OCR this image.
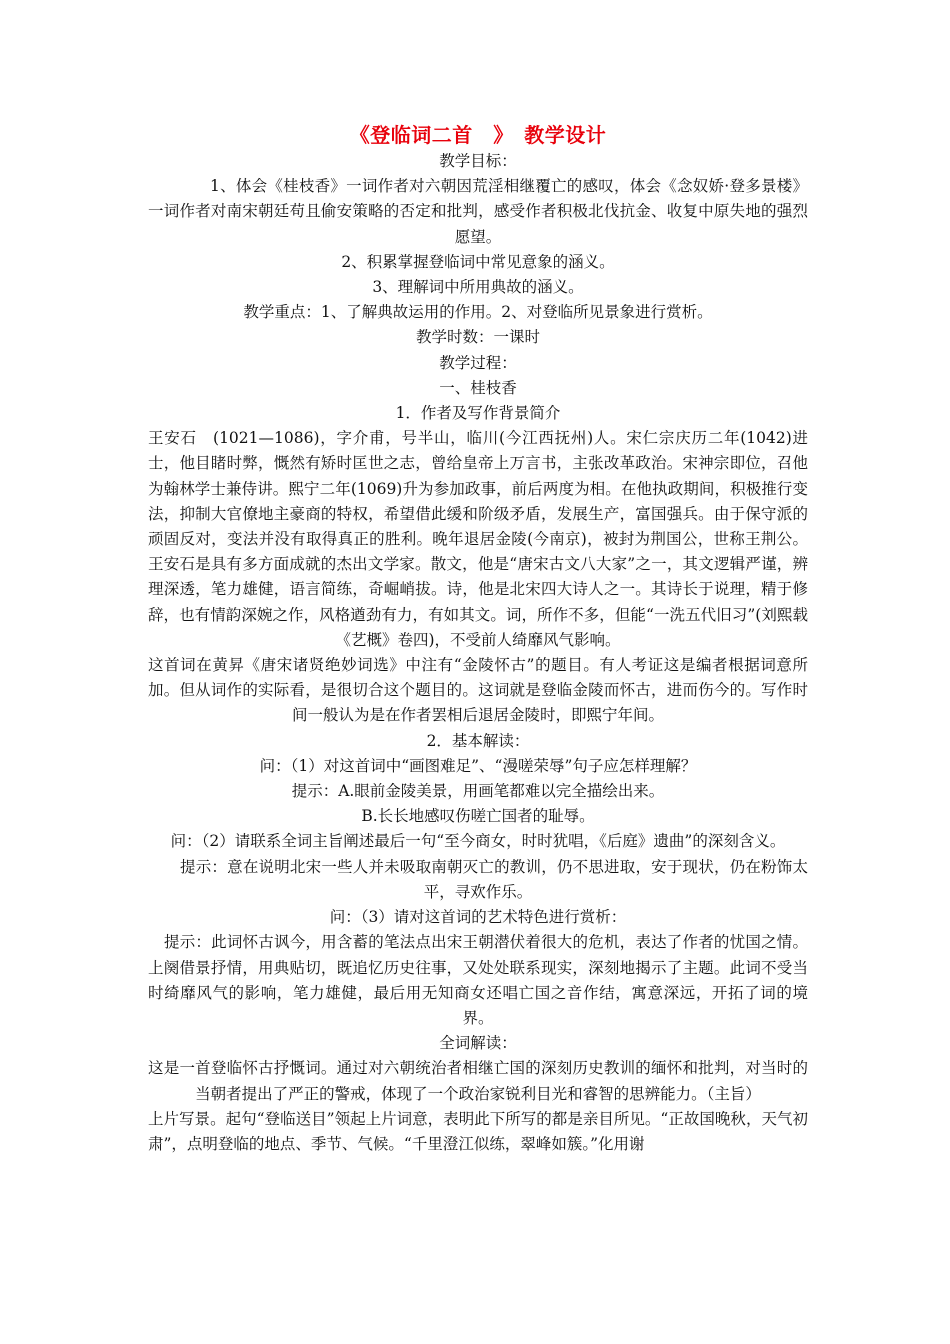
《登临词二首　》　教学设计

教学目标：

1、体会《桂枝香》一词作者对六朝因荒淫相继覆亡的感叹，体会《念奴娇·登多景楼》一词作者对南宋朝廷苟且偷安策略的否定和批判，感受作者积极北伐抗金、收复中原失地的强烈愿望。

2、积累掌握登临词中常见意象的涵义。

3、理解词中所用典故的涵义。

教学重点：1、了解典故运用的作用。2、对登临所见景象进行赏析。

教学时数：一课时

教学过程：

一、桂枝香

1．作者及写作背景简介

王安石　(1021—1086)，字介甫，号半山，临川(今江西抚州)人。宋仁宗庆历二年(1042)进士，他目睹时弊，慨然有矫时匡世之志，曾给皇帝上万言书，主张改革政治。宋神宗即位，召他为翰林学士兼侍讲。熙宁二年(1069)升为参加政事，前后两度为相。在他执政期间，积极推行变法，抑制大官僚地主豪商的特权，希望借此缓和阶级矛盾，发展生产，富国强兵。由于保守派的顽固反对，变法并没有取得真正的胜利。晚年退居金陵(今南京)，被封为荆国公，世称王荆公。王安石是具有多方面成就的杰出文学家。散文，他是“唐宋古文八大家”之一，其文逻辑严谨，辨理深透，笔力雄健，语言简练，奇崛峭拔。诗，他是北宋四大诗人之一。其诗长于说理，精于修辞，也有情韵深婉之作，风格遒劲有力，有如其文。词，所作不多，但能“一洗五代旧习”(刘熙载《艺概》卷四)，不受前人绮靡风气影响。

这首词在黄昇《唐宋诸贤绝妙词选》中注有“金陵怀古”的题目。有人考证这是编者根据词意所加。但从词作的实际看，是很切合这个题目的。这词就是登临金陵而怀古，进而伤今的。写作时间一般认为是在作者罢相后退居金陵时，即熙宁年间。

2．基本解读：

问：（1）对这首词中“画图难足”、“漫嗟荣辱”句子应怎样理解？

提示：A.眼前金陵美景，用画笔都难以完全描绘出来。

B.长长地感叹伤嗟亡国者的耻辱。

问：（2）请联系全词主旨阐述最后一句“至今商女，时时犹唱，《后庭》遗曲”的深刻含义。

提示：意在说明北宋一些人并未吸取南朝灭亡的教训，仍不思进取，安于现状，仍在粉饰太平，寻欢作乐。

问：（3）请对这首词的艺术特色进行赏析：

提示：此词怀古讽今，用含蓄的笔法点出宋王朝潜伏着很大的危机，表达了作者的忧国之情。上阕借景抒情，用典贴切，既追忆历史往事，又处处联系现实，深刻地揭示了主题。此词不受当时绮靡风气的影响，笔力雄健，最后用无知商女还唱亡国之音作结，寓意深远，开拓了词的境界。

全词解读：

这是一首登临怀古抒慨词。通过对六朝统治者相继亡国的深刻历史教训的缅怀和批判，对当时的当朝者提出了严正的警戒，体现了一个政治家锐利目光和睿智的思辨能力。（主旨）

上片写景。起句“登临送目”领起上片词意，表明此下所写的都是亲目所见。“正故国晚秋，天气初肃”，点明登临的地点、季节、气候。“千里澄江似练，翠峰如簇。”化用谢
